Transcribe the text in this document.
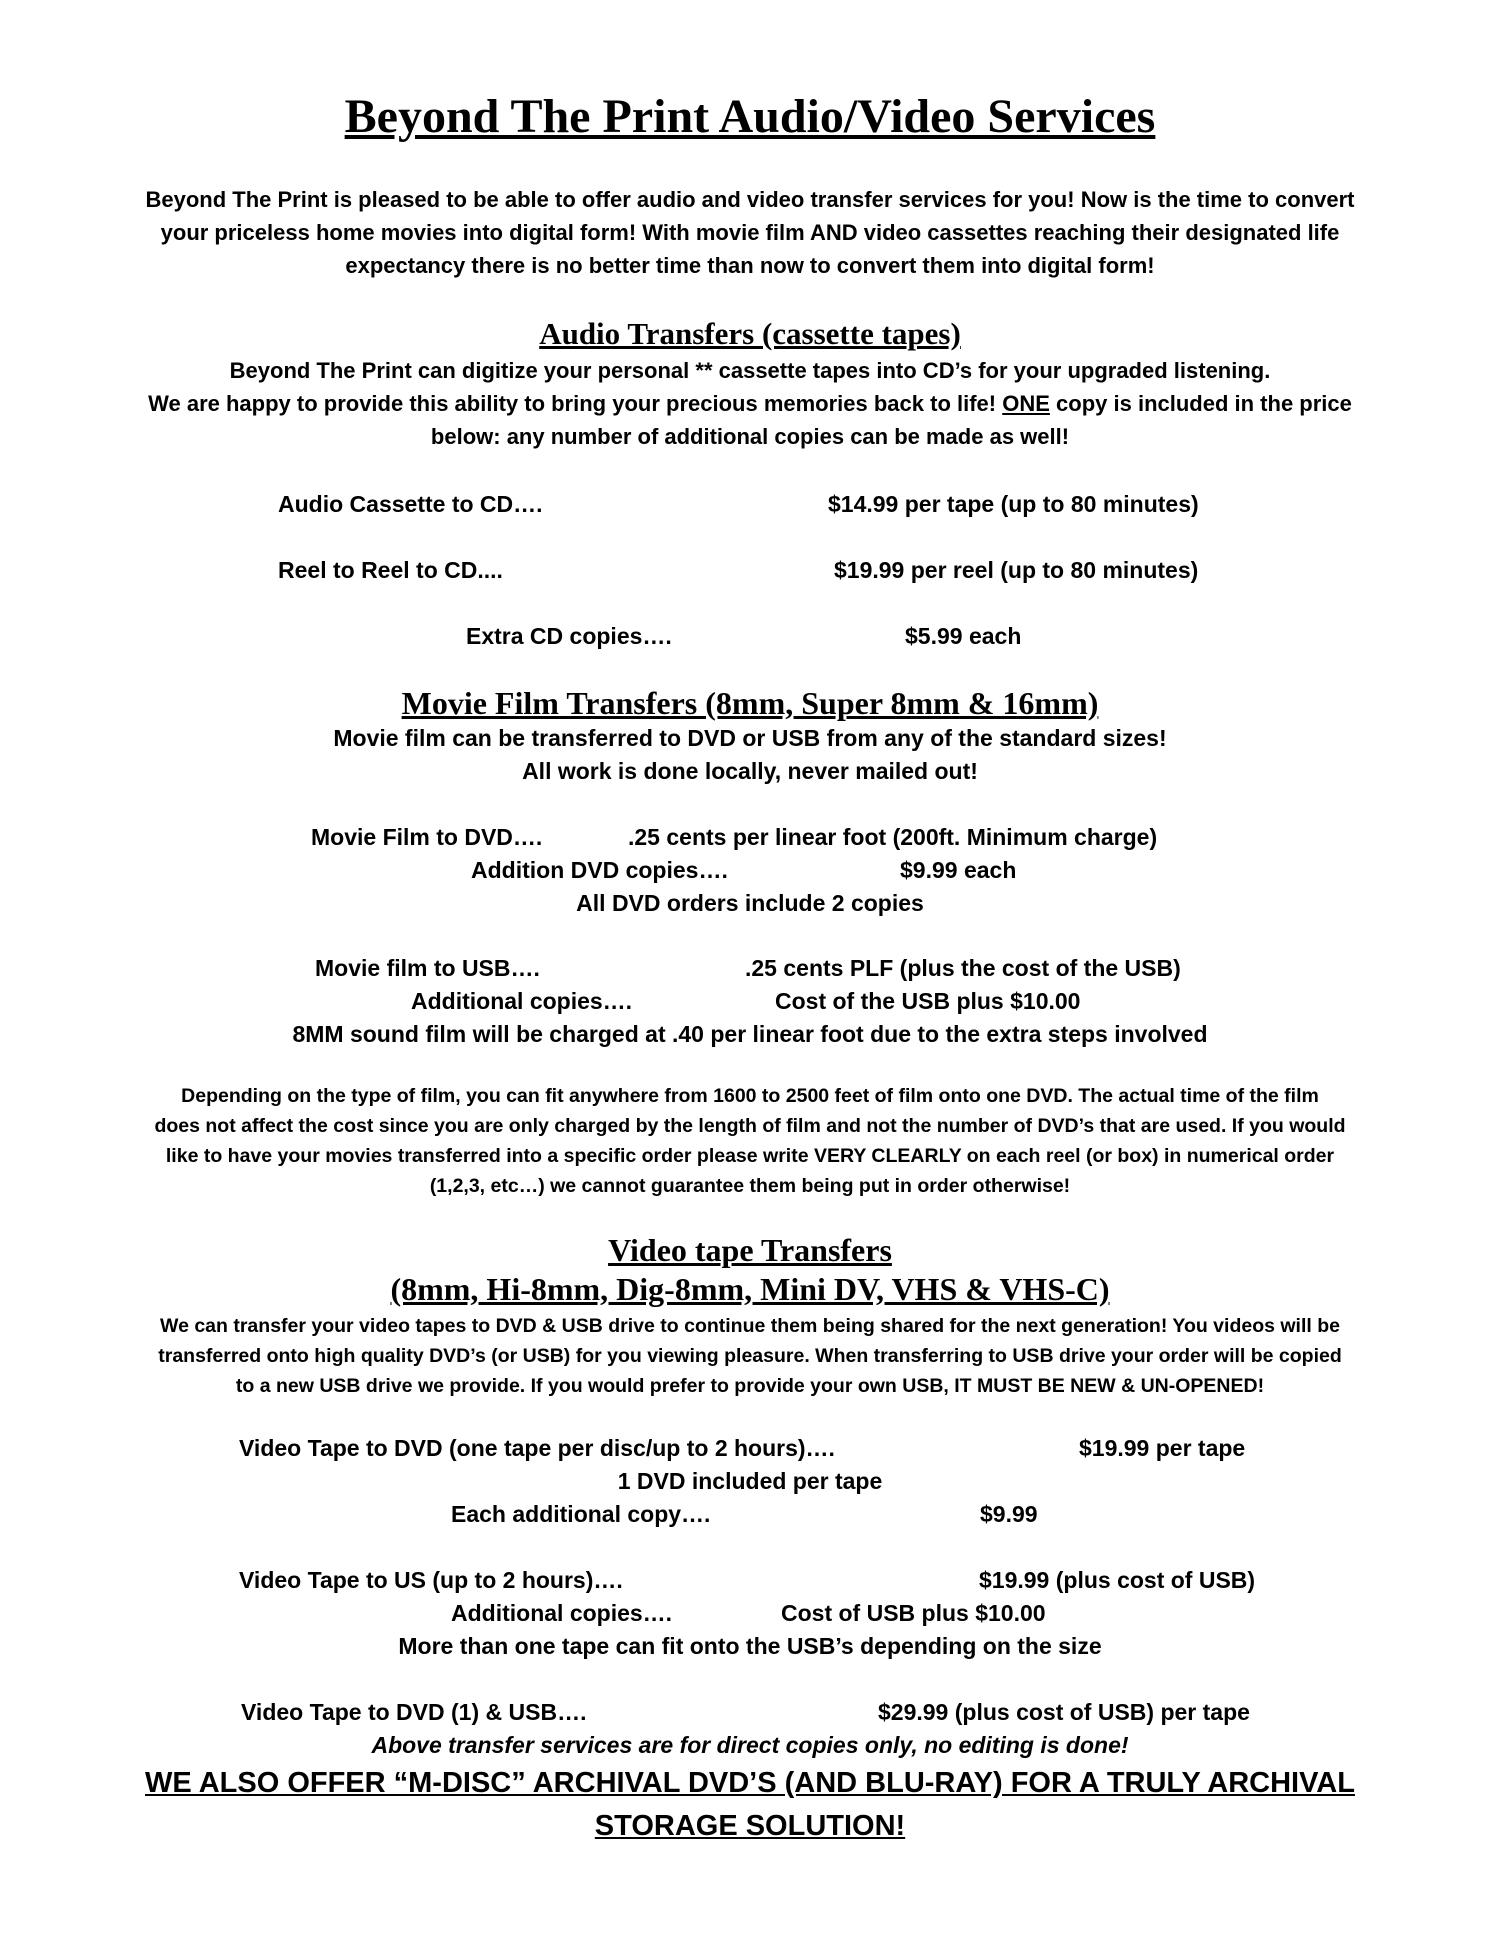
Beyond The Print Audio/Video Services

Beyond The Print is pleased to be able to offer audio and video transfer services for you! Now is the time to convert

your priceless home movies into digital form! With movie film AND video cassettes reaching their designated life

expectancy there is no better time than now to convert them into digital form!

Audio Transfers (cassette tapes)

Beyond The Print can digitize your personal ** cassette tapes into CD’s for your upgraded listening.

We are happy to provide this ability to bring your precious memories back to life! ONE copy is included in the price

below: any number of additional copies can be made as well!

Audio Cassette to CD….	$14.99 per tape (up to 80 minutes)
Reel to Reel to CD....	$19.99 per reel (up to 80 minutes)
Extra CD copies….	$5.99 each
Movie Film Transfers (8mm, Super 8mm & 16mm)

Movie film can be transferred to DVD or USB from any of the standard sizes!

All work is done locally, never mailed out!

Movie Film to DVD….	.25 cents per linear foot (200ft. Minimum charge)
Addition DVD copies….	$9.99 each

All DVD orders include 2 copies

Movie film to USB….	.25 cents PLF (plus the cost of the USB)
Additional copies….	Cost of the USB plus $10.00

8MM sound film will be charged at .40 per linear foot due to the extra steps involved

Depending on the type of film, you can fit anywhere from 1600 to 2500 feet of film onto one DVD. The actual time of the film

does not affect the cost since you are only charged by the length of film and not the number of DVD’s that are used. If you would

like to have your movies transferred into a specific order please write VERY CLEARLY on each reel (or box) in numerical order

(1,2,3, etc…) we cannot guarantee them being put in order otherwise!

Video tape Transfers
(8mm, Hi-8mm, Dig-8mm, Mini DV, VHS & VHS-C)

We can transfer your video tapes to DVD & USB drive to continue them being shared for the next generation! You videos will be

transferred onto high quality DVD’s (or USB) for you viewing pleasure. When transferring to USB drive your order will be copied

to a new USB drive we provide. If you would prefer to provide your own USB, IT MUST BE NEW & UN-OPENED!

Video Tape to DVD (one tape per disc/up to 2 hours)….	$19.99 per tape

1 DVD included per tape

Each additional copy….	$9.99
Video Tape to US (up to 2 hours)….	$19.99 (plus cost of USB)
Additional copies….	Cost of USB plus $10.00

More than one tape can fit onto the USB’s depending on the size

Video Tape to DVD (1) & USB….	$29.99 (plus cost of USB) per tape

Above transfer services are for direct copies only, no editing is done!

WE ALSO OFFER “M-DISC” ARCHIVAL DVD’S (AND BLU-RAY) FOR A TRULY ARCHIVAL

STORAGE SOLUTION!
